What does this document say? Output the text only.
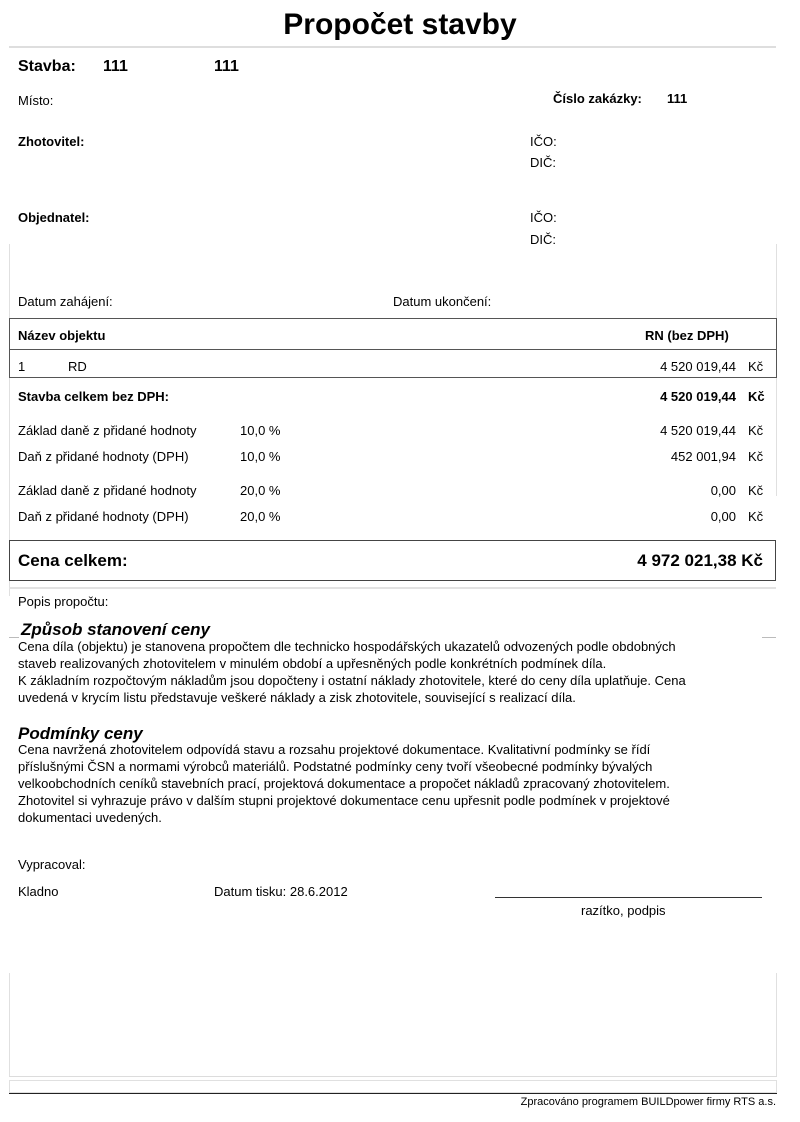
Propočet stavby
Stavba: 111	111
Místo:	Číslo zakázky: 111
Zhotovitel:	IČO:
DIČ:
Objednatel:	IČO:
DIČ:
Datum zahájení:	Datum ukončení:
Název objektu	RN (bez DPH)
1	RD	4 520 019,44 Kč
Stavba celkem bez DPH:	4 520 019,44 Kč
Základ daně z přidané hodnoty	10,0 %	4 520 019,44 Kč
Daň z přidané hodnoty (DPH)	10,0 %	452 001,94 Kč
Základ daně z přidané hodnoty	20,0 %	0,00 Kč
Daň z přidané hodnoty (DPH)	20,0 %	0,00 Kč
Cena celkem:	4 972 021,38 Kč
Popis propočtu:
Způsob stanovení ceny

Cena díla (objektu) je stanovena propočtem dle technicko hospodářských ukazatelů odvozených podle obdobných

staveb realizovaných zhotovitelem v minulém období a upřesněných podle konkrétních podmínek díla.

K základním rozpočtovým nákladům jsou dopočteny i ostatní náklady zhotovitele, které do ceny díla uplatňuje. Cena

uvedená v krycím listu představuje veškeré náklady a zisk zhotovitele, související s realizací díla.

Podmínky ceny

Cena navržená zhotovitelem odpovídá stavu a rozsahu projektové dokumentace. Kvalitativní podmínky se řídí

příslušnými ČSN a normami výrobců materiálů. Podstatné podmínky ceny tvoří všeobecné podmínky bývalých

velkoobchodních ceníků stavebních prací, projektová dokumentace a propočet nákladů zpracovaný zhotovitelem.

Zhotovitel si vyhrazuje právo v dalším stupni projektové dokumentace cenu upřesnit podle podmínek v projektové

dokumentaci uvedených.

Vypracoval:
Kladno	Datum tisku: 28.6.2012
razítko, podpis
Zpracováno programem BUILDpower firmy RTS a.s.
